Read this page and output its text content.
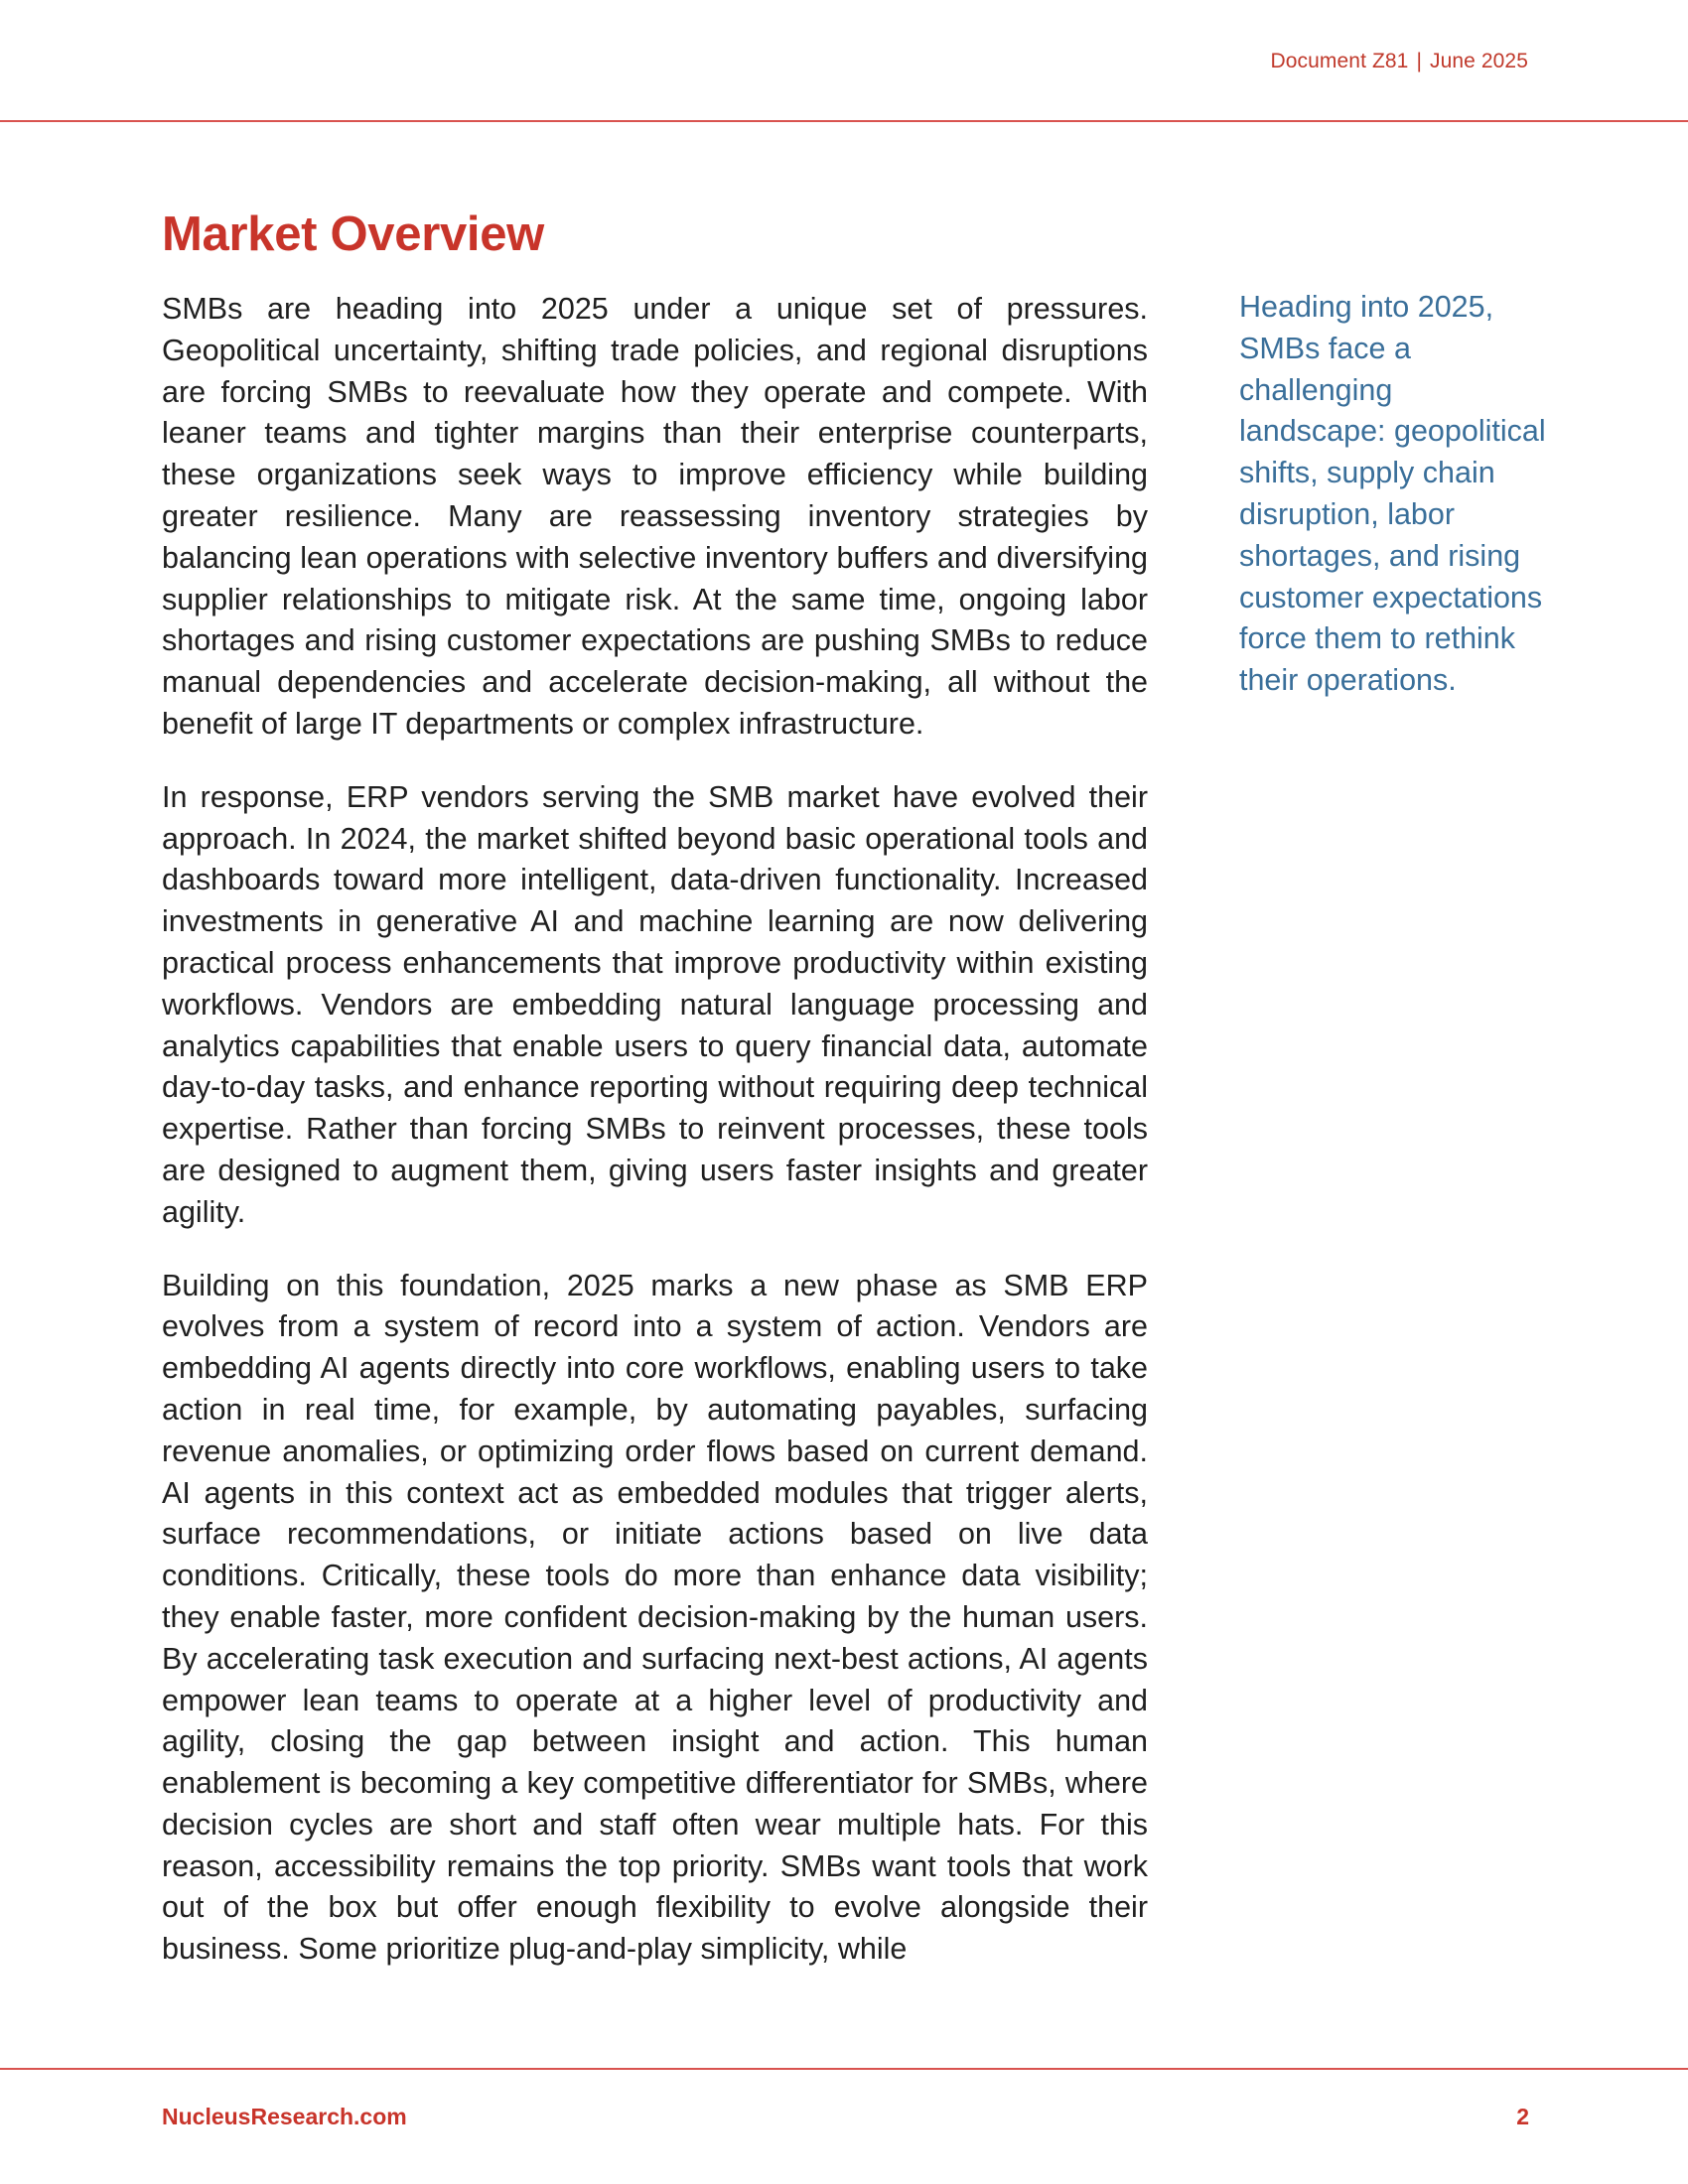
Document Z81 | June 2025
Market Overview

SMBs are heading into 2025 under a unique set of pressures. Geopolitical uncertainty, shifting trade policies, and regional disruptions are forcing SMBs to reevaluate how they operate and compete. With leaner teams and tighter margins than their enterprise counterparts, these organizations seek ways to improve efficiency while building greater resilience. Many are reassessing inventory strategies by balancing lean operations with selective inventory buffers and diversifying supplier relationships to mitigate risk. At the same time, ongoing labor shortages and rising customer expectations are pushing SMBs to reduce manual dependencies and accelerate decision-making, all without the benefit of large IT departments or complex infrastructure.

In response, ERP vendors serving the SMB market have evolved their approach. In 2024, the market shifted beyond basic operational tools and dashboards toward more intelligent, data-driven functionality. Increased investments in generative AI and machine learning are now delivering practical process enhancements that improve productivity within existing workflows. Vendors are embedding natural language processing and analytics capabilities that enable users to query financial data, automate day-to-day tasks, and enhance reporting without requiring deep technical expertise. Rather than forcing SMBs to reinvent processes, these tools are designed to augment them, giving users faster insights and greater agility.

Building on this foundation, 2025 marks a new phase as SMB ERP evolves from a system of record into a system of action. Vendors are embedding AI agents directly into core workflows, enabling users to take action in real time, for example, by automating payables, surfacing revenue anomalies, or optimizing order flows based on current demand. AI agents in this context act as embedded modules that trigger alerts, surface recommendations, or initiate actions based on live data conditions. Critically, these tools do more than enhance data visibility; they enable faster, more confident decision-making by the human users. By accelerating task execution and surfacing next-best actions, AI agents empower lean teams to operate at a higher level of productivity and agility, closing the gap between insight and action. This human enablement is becoming a key competitive differentiator for SMBs, where decision cycles are short and staff often wear multiple hats. For this reason, accessibility remains the top priority. SMBs want tools that work out of the box but offer enough flexibility to evolve alongside their business. Some prioritize plug-and-play simplicity, while

Heading into 2025, SMBs face a challenging landscape: geopolitical shifts, supply chain disruption, labor shortages, and rising customer expectations force them to rethink their operations.

NucleusResearch.com	2
